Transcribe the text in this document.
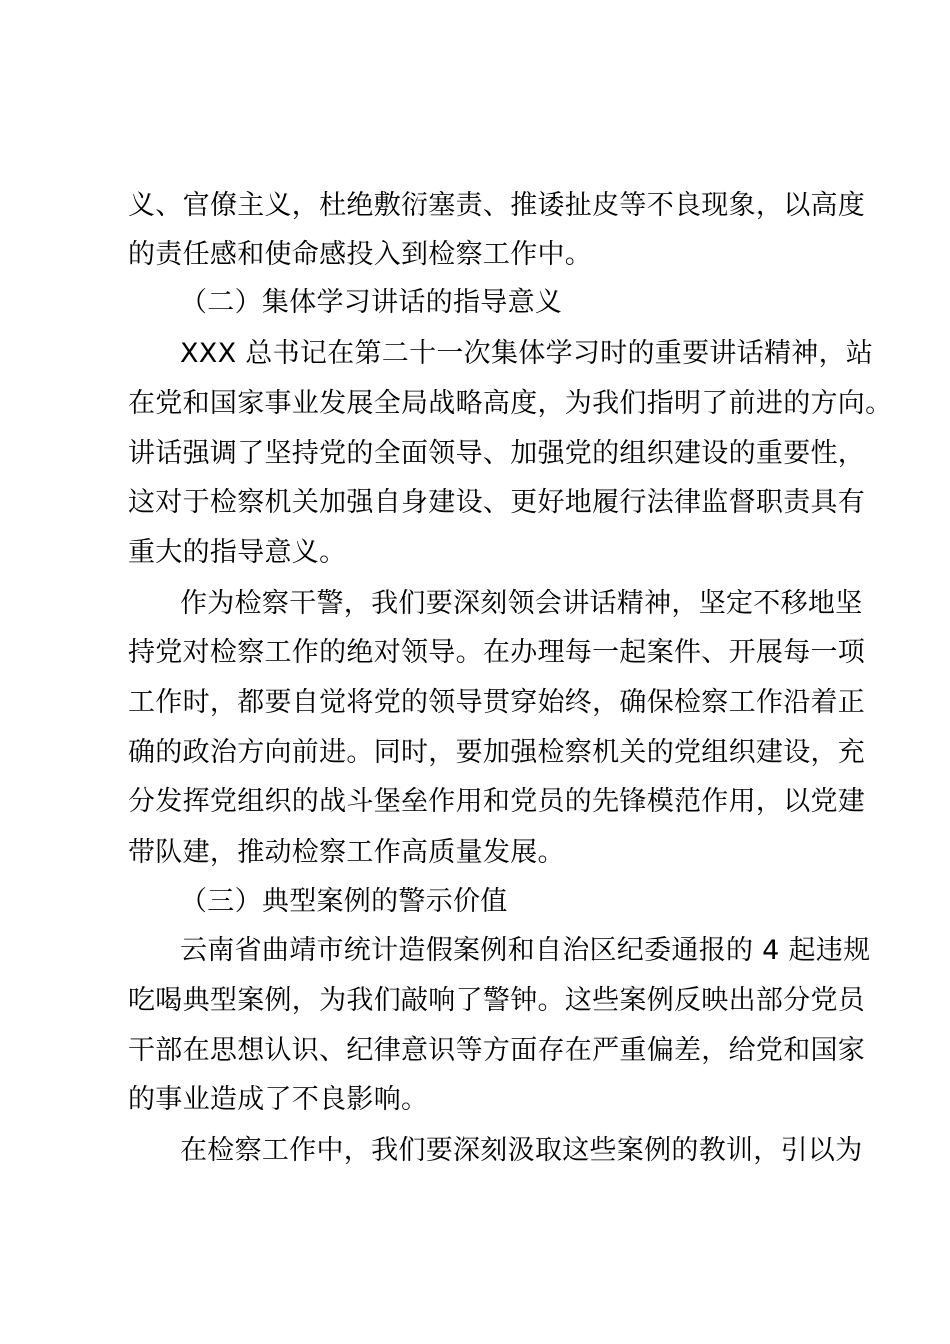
义、官僚主义，杜绝敷衍塞责、推诿扯皮等不良现象，以高度
的责任感和使命感投入到检察工作中。
（二）集体学习讲话的指导意义
XXX 总书记在第二十一次集体学习时的重要讲话精神，站
在党和国家事业发展全局战略高度，为我们指明了前进的方向。
讲话强调了坚持党的全面领导、加强党的组织建设的重要性，
这对于检察机关加强自身建设、更好地履行法律监督职责具有
重大的指导意义。
作为检察干警，我们要深刻领会讲话精神，坚定不移地坚
持党对检察工作的绝对领导。在办理每一起案件、开展每一项
工作时，都要自觉将党的领导贯穿始终，确保检察工作沿着正
确的政治方向前进。同时，要加强检察机关的党组织建设，充
分发挥党组织的战斗堡垒作用和党员的先锋模范作用，以党建
带队建，推动检察工作高质量发展。
（三）典型案例的警示价值
云南省曲靖市统计造假案例和自治区纪委通报的 4 起违规
吃喝典型案例，为我们敲响了警钟。这些案例反映出部分党员
干部在思想认识、纪律意识等方面存在严重偏差，给党和国家
的事业造成了不良影响。
在检察工作中，我们要深刻汲取这些案例的教训，引以为
